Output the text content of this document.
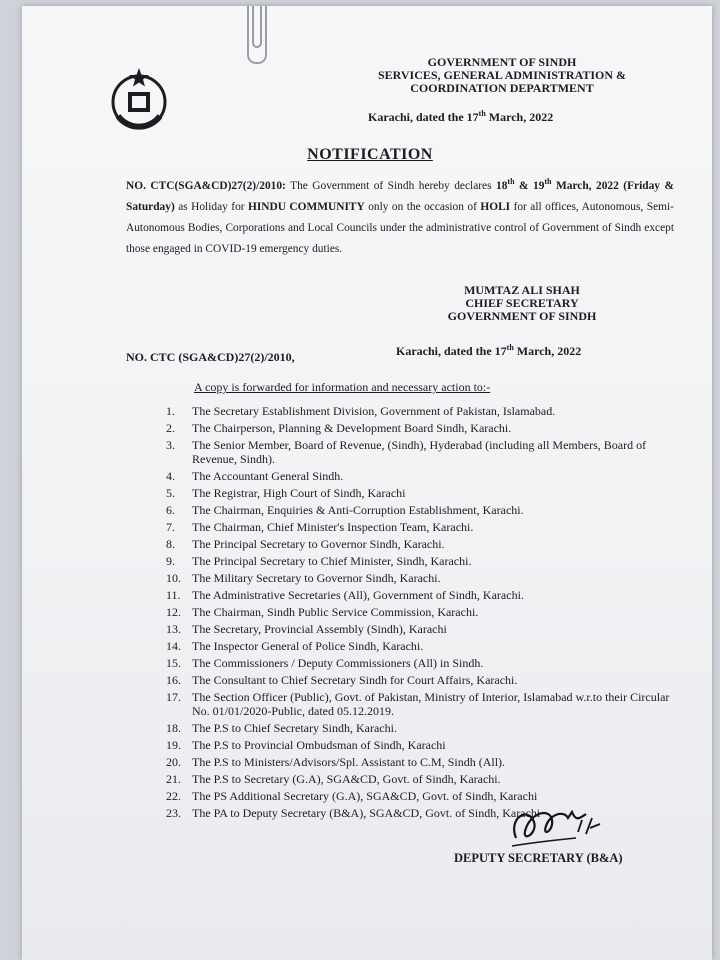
GOVERNMENT OF SINDH
SERVICES, GENERAL ADMINISTRATION &
COORDINATION DEPARTMENT
Karachi, dated the 17th March, 2022
NOTIFICATION
NO. CTC(SGA&CD)27(2)/2010: The Government of Sindh hereby declares 18th & 19th March, 2022 (Friday & Saturday) as Holiday for HINDU COMMUNITY only on the occasion of HOLI for all offices, Autonomous, Semi-Autonomous Bodies, Corporations and Local Councils under the administrative control of Government of Sindh except those engaged in COVID-19 emergency duties.
MUMTAZ ALI SHAH
CHIEF SECRETARY
GOVERNMENT OF SINDH
NO. CTC (SGA&CD)27(2)/2010,	Karachi, dated the 17th March, 2022
A copy is forwarded for information and necessary action to:-
1. The Secretary Establishment Division, Government of Pakistan, Islamabad.
2. The Chairperson, Planning & Development Board Sindh, Karachi.
3. The Senior Member, Board of Revenue, (Sindh), Hyderabad (including all Members, Board of Revenue, Sindh).
4. The Accountant General Sindh.
5. The Registrar, High Court of Sindh, Karachi
6. The Chairman, Enquiries & Anti-Corruption Establishment, Karachi.
7. The Chairman, Chief Minister's Inspection Team, Karachi.
8. The Principal Secretary to Governor Sindh, Karachi.
9. The Principal Secretary to Chief Minister, Sindh, Karachi.
10. The Military Secretary to Governor Sindh, Karachi.
11. The Administrative Secretaries (All), Government of Sindh, Karachi.
12. The Chairman, Sindh Public Service Commission, Karachi.
13. The Secretary, Provincial Assembly (Sindh), Karachi
14. The Inspector General of Police Sindh, Karachi.
15. The Commissioners / Deputy Commissioners (All) in Sindh.
16. The Consultant to Chief Secretary Sindh for Court Affairs, Karachi.
17. The Section Officer (Public), Govt. of Pakistan, Ministry of Interior, Islamabad w.r.to their Circular No. 01/01/2020-Public, dated 05.12.2019.
18. The P.S to Chief Secretary Sindh, Karachi.
19. The P.S to Provincial Ombudsman of Sindh, Karachi
20. The P.S to Ministers/Advisors/Spl. Assistant to C.M, Sindh (All).
21. The P.S to Secretary (G.A), SGA&CD, Govt. of Sindh, Karachi.
22. The PS Additional Secretary (G.A), SGA&CD, Govt. of Sindh, Karachi
23. The PA to Deputy Secretary (B&A), SGA&CD, Govt. of Sindh, Karachi
DEPUTY SECRETARY (B&A)
